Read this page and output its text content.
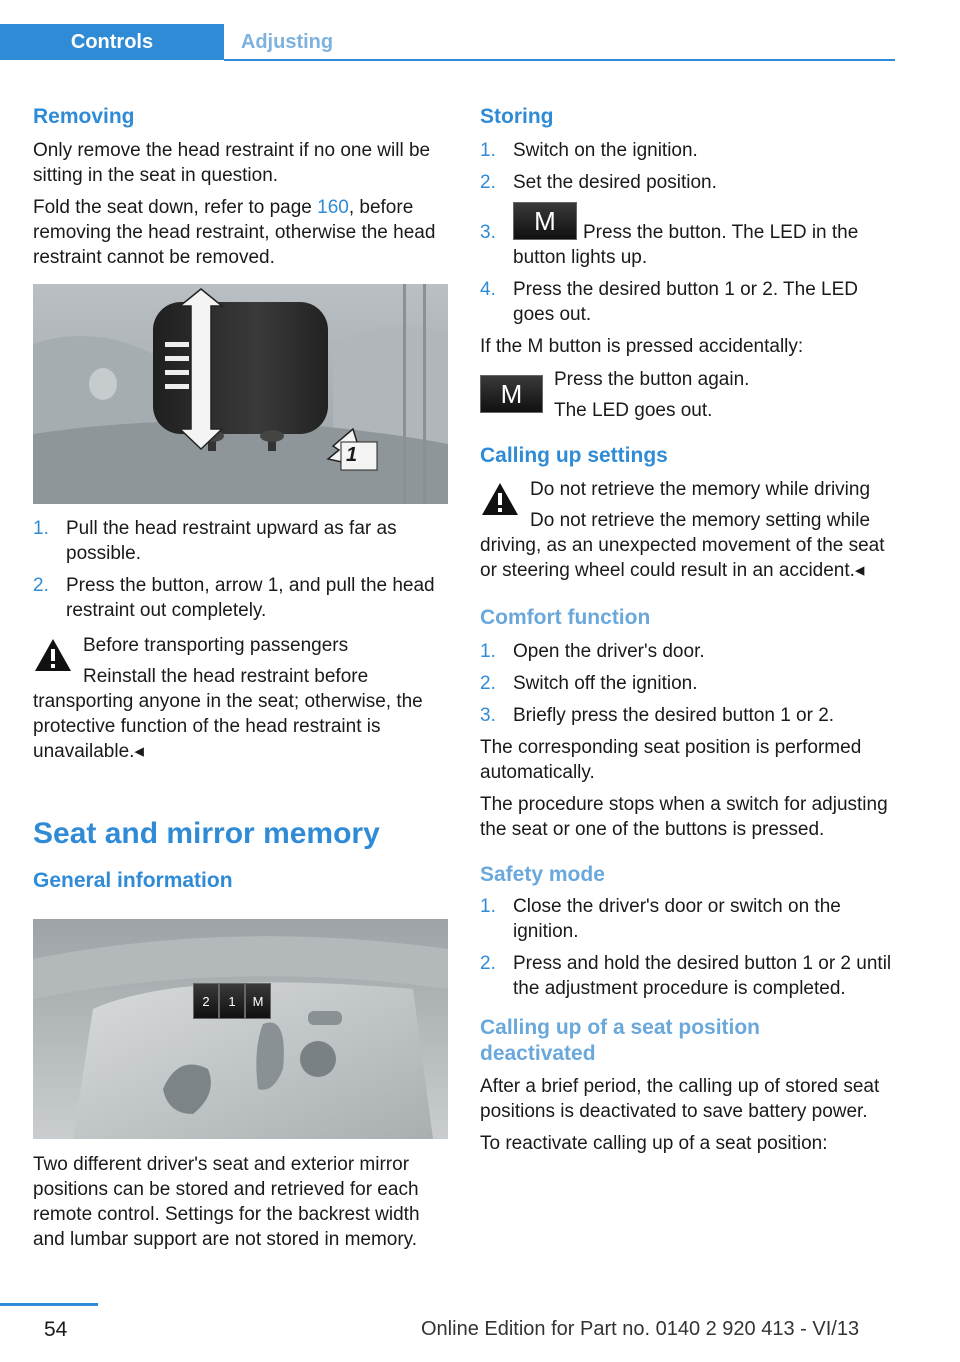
Controls	Adjusting
Removing

Only remove the head restraint if no one will be sitting in the seat in question.

Fold the seat down, refer to page 160, before removing the head restraint, otherwise the head restraint cannot be removed.

1
1. Pull the head restraint upward as far as possible.
2. Press the button, arrow 1, and pull the head restraint out completely.
Before transporting passengers
Reinstall the head restraint before transporting anyone in the seat; otherwise, the protective function of the head restraint is unavailable.◂
Seat and mirror memory
General information
2	1	M

Two different driver's seat and exterior mirror positions can be stored and retrieved for each remote control. Settings for the backrest width and lumbar support are not stored in memory.

Storing
1. Switch on the ignition.
2. Set the desired position.
3.	M	Press the button. The LED in the button lights up.
4. Press the desired button 1 or 2. The LED goes out.

If the M button is pressed accidentally:

M	Press the button again.

The LED goes out.

Calling up settings
Do not retrieve the memory while driving
Do not retrieve the memory setting while driving, as an unexpected movement of the seat or steering wheel could result in an accident.◂
Comfort function
1. Open the driver's door.
2. Switch off the ignition.
3. Briefly press the desired button 1 or 2.

The corresponding seat position is performed automatically.

The procedure stops when a switch for adjusting the seat or one of the buttons is pressed.

Safety mode
1. Close the driver's door or switch on the ignition.
2. Press and hold the desired button 1 or 2 until the adjustment procedure is completed.
Calling up of a seat position deactivated

After a brief period, the calling up of stored seat positions is deactivated to save battery power.

To reactivate calling up of a seat position:

54	Online Edition for Part no. 0140 2 920 413 - VI/13
